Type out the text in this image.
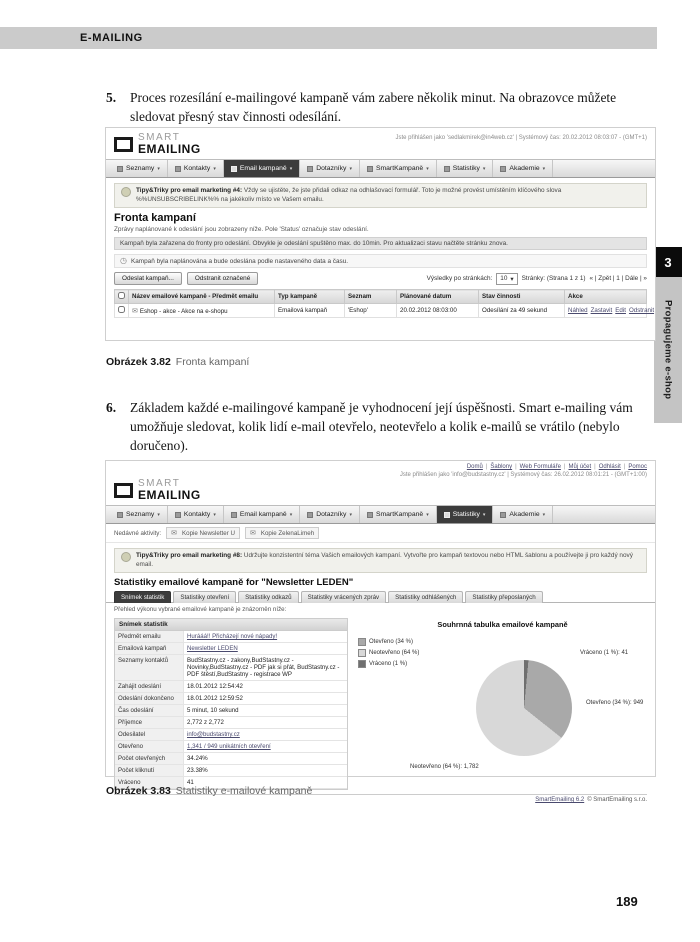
E-MAILING
3
Propagujeme e-shop
5. Proces rozesílání e-mailingové kampaně vám zabere několik minut. Na obrazovce můžete sledovat přesný stav činnosti odesílání.
SMART
EMAILING
Jste přihlášen jako 'sedlakmirek@in4web.cz' | Systémový čas: 20.02.2012 08:03:07 - (GMT+1)
Seznamy ▾	Kontakty ▾	Email kampaně ▾	Dotazníky ▾	SmartKampaně ▾	Statistiky ▾	Akademie ▾
Tipy&Triky pro email marketing #4: Vždy se ujistěte, že jste přidali odkaz na odhlašovací formulář. Toto je možné provést umístěním klíčového slova %%UNSUBSCRIBELINK%% na jakékoliv místo ve Vašem emailu.
Fronta kampaní
Zprávy naplánované k odeslání jsou zobrazeny níže. Pole 'Status' označuje stav odeslání.
Kampaň byla zařazena do fronty pro odeslání. Obvykle je odeslání spuštěno max. do 10min. Pro aktualizaci stavu načtěte stránku znova.
◷ Kampaň byla naplánována a bude odeslána podle nastaveného data a času.
Odeslat kampaň...	Odstranit označené	Výsledky po stránkách: 10 ▾ Stránky: (Strana 1 z 1) « | Zpět | 1 | Dále | »
	Název emailové kampaně - Předmět emailu	Typ kampaně	Seznam	Plánované datum	Stav činnosti	Akce
	✉ Eshop - akce - Akce na e-shopu	Emailová kampaň	'Eshop'	20.02.2012 08:03:00	Odesílání za 49 sekund	Náhled Zastavit Edit Odstranit
Obrázek 3.82 Fronta kampaní
6. Základem každé e-mailingové kampaně je vyhodnocení její úspěšnosti. Smart e-mailing vám umožňuje sledovat, kolik lidí e-mail otevřelo, neotevřelo a kolik e-mailů se vrátilo (nebylo doručeno).
Domů	| Šablony	| Web Formuláře	| Můj účet	| Odhlásit	| Pomoc
Jste přihlášen jako 'info@budstastny.cz' | Systémový čas: 26.02.2012 08:01:21 - (GMT+1:00)
SMART
EMAILING
Seznamy ▾	Kontakty ▾	Email kampaně ▾	Dotazníky ▾	SmartKampaně ▾	Statistiky ▾	Akademie ▾
Nedávné aktivity: ✉ Kopie Newsletter U ✉ Kopie ZelenaLimeh
Tipy&Triky pro email marketing #8: Udržujte konzistentní téma Vašich emailových kampaní. Vytvořte pro kampaň textovou nebo HTML šablonu a používejte ji pro každý nový email.
Statistiky emailové kampaně for "Newsletter LEDEN"
Snímek statistik	Statistiky otevření	Statistiky odkazů	Statistiky vrácených zpráv	Statistiky odhlášených	Statistiky přeposlaných
Přehled výkonu vybrané emailové kampaně je znázorněn níže:
Snímek statistik
Předmět emailu	Hurááá!! Přicházejí nové nápady!
Emailová kampaň	Newsletter LEDEN
Seznamy kontaktů	BudStastny.cz - zakony,BudStastny.cz - Novinky,BudStastny.cz - PDF jak si přát, BudStastny.cz - PDF štěstí,BudStastny - registrace WP
Zahájit odeslání	18.01.2012 12:54:42
Odeslání dokončeno	18.01.2012 12:59:52
Čas odeslání	5 minut, 10 sekund
Příjemce	2,772 z 2,772
Odesilatel	info@budstastny.cz
Otevřeno	1,341 / 949 unikátních otevření
Počet otevřených	34.24%
Počet kliknutí	23.38%
Vráceno	41
Souhrnná tabulka emailové kampaně
Otevřeno (34 %)
Neotevřeno (64 %)
Vráceno (1 %)
Vráceno (1 %): 41
Otevřeno (34 %): 949
Neotevřeno (64 %): 1,782
SmartEmailing 6.2 © SmartEmailing s.r.o.
Obrázek 3.83 Statistiky e-mailové kampaně
189
